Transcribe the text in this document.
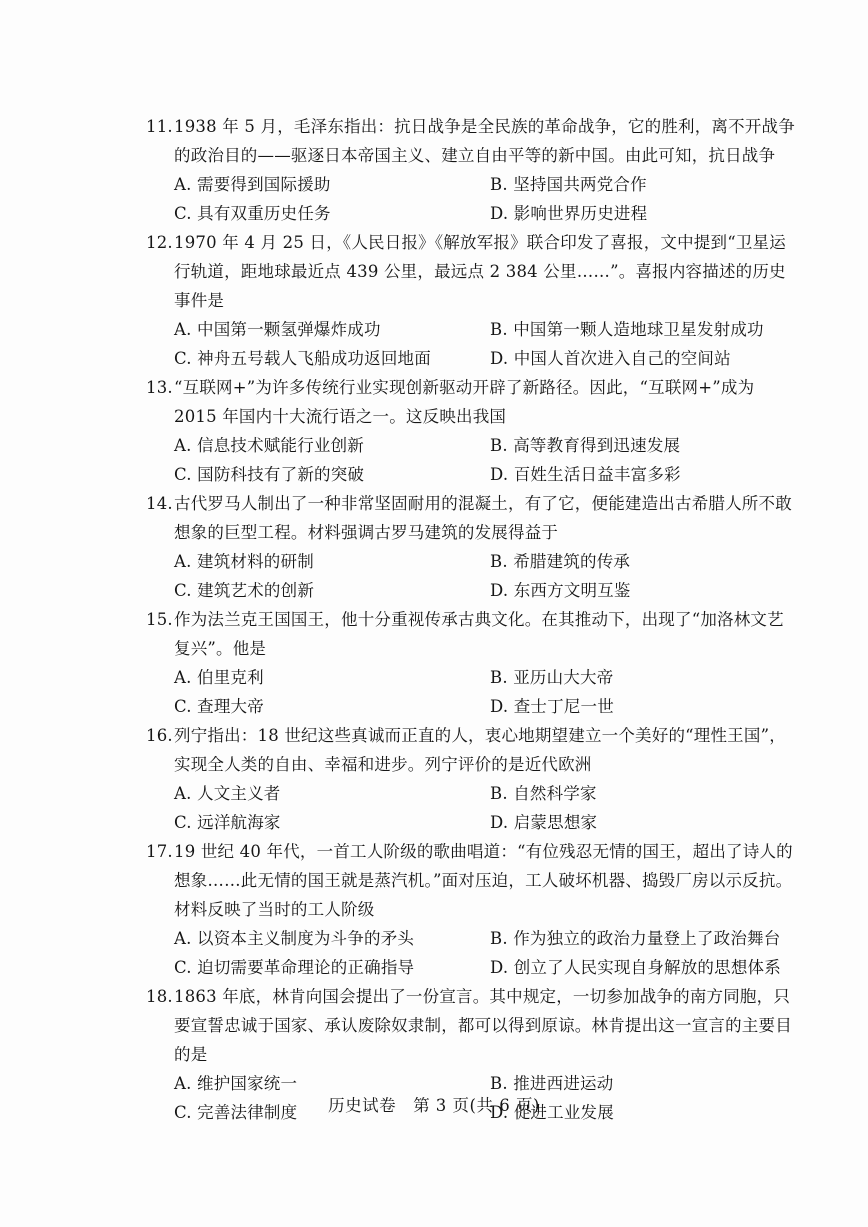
11. 1938 年 5 月，毛泽东指出：抗日战争是全民族的革命战争，它的胜利，离不开战争的政治目的——驱逐日本帝国主义、建立自由平等的新中国。由此可知，抗日战争
A. 需要得到国际援助	B. 坚持国共两党合作
C. 具有双重历史任务	D. 影响世界历史进程
12. 1970 年 4 月 25 日，《人民日报》《解放军报》联合印发了喜报，文中提到“卫星运行轨道，距地球最近点 439 公里，最远点 2 384 公里……”。喜报内容描述的历史事件是
A. 中国第一颗氢弹爆炸成功	B. 中国第一颗人造地球卫星发射成功
C. 神舟五号载人飞船成功返回地面	D. 中国人首次进入自己的空间站
13. “互联网+”为许多传统行业实现创新驱动开辟了新路径。因此，“互联网+”成为 2015 年国内十大流行语之一。这反映出我国
A. 信息技术赋能行业创新	B. 高等教育得到迅速发展
C. 国防科技有了新的突破	D. 百姓生活日益丰富多彩
14. 古代罗马人制出了一种非常坚固耐用的混凝土，有了它，便能建造出古希腊人所不敢想象的巨型工程。材料强调古罗马建筑的发展得益于
A. 建筑材料的研制	B. 希腊建筑的传承
C. 建筑艺术的创新	D. 东西方文明互鉴
15. 作为法兰克王国国王，他十分重视传承古典文化。在其推动下，出现了“加洛林文艺复兴”。他是
A. 伯里克利	B. 亚历山大大帝
C. 查理大帝	D. 查士丁尼一世
16. 列宁指出：18 世纪这些真诚而正直的人，衷心地期望建立一个美好的“理性王国”，实现全人类的自由、幸福和进步。列宁评价的是近代欧洲
A. 人文主义者	B. 自然科学家
C. 远洋航海家	D. 启蒙思想家
17. 19 世纪 40 年代，一首工人阶级的歌曲唱道：“有位残忍无情的国王，超出了诗人的想象……此无情的国王就是蒸汽机。”面对压迫，工人破坏机器、捣毁厂房以示反抗。材料反映了当时的工人阶级
A. 以资本主义制度为斗争的矛头	B. 作为独立的政治力量登上了政治舞台
C. 迫切需要革命理论的正确指导	D. 创立了人民实现自身解放的思想体系
18. 1863 年底，林肯向国会提出了一份宣言。其中规定，一切参加战争的南方同胞，只要宣誓忠诚于国家、承认废除奴隶制，都可以得到原谅。林肯提出这一宣言的主要目的是
A. 维护国家统一	B. 推进西进运动
C. 完善法律制度	D. 促进工业发展
历史试卷　第 3 页(共 6 页)
